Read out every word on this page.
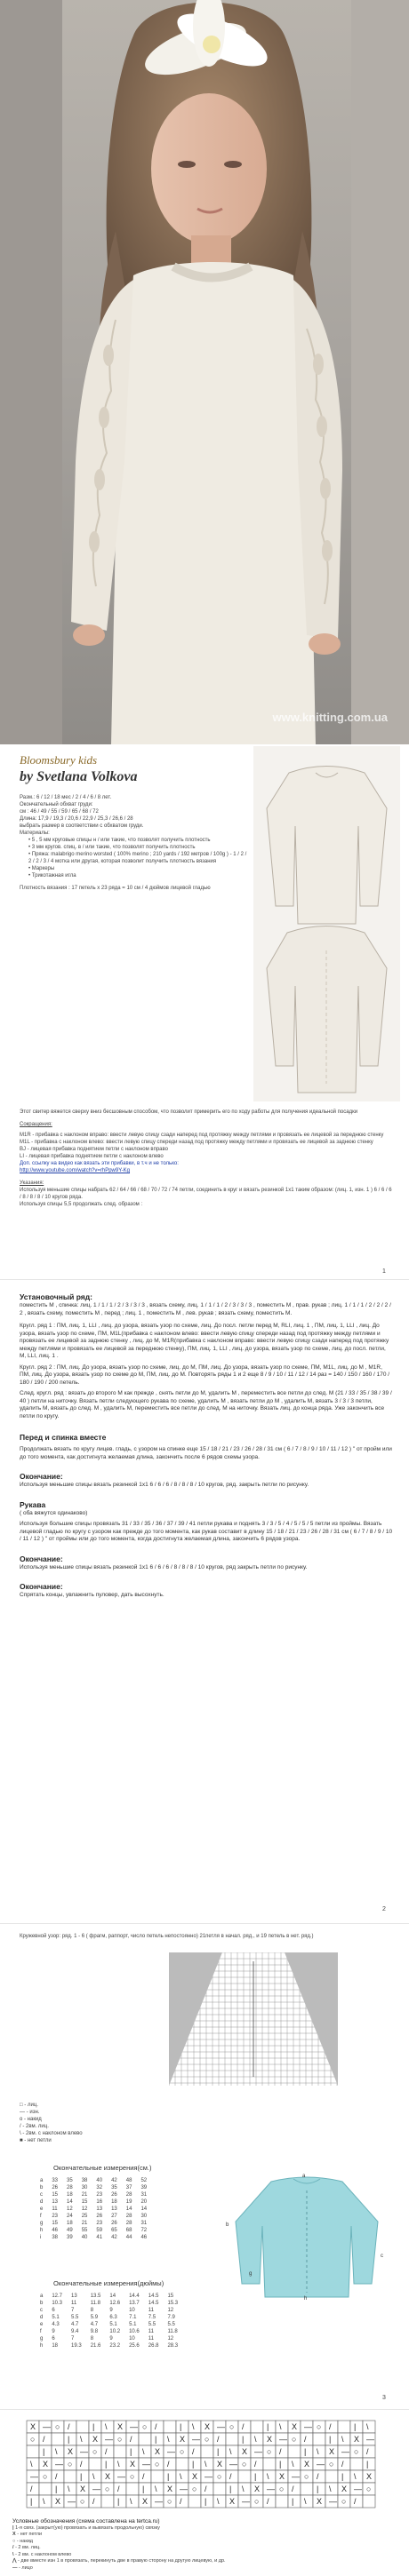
www.knitting.com.ua
Bloomsbury kids
by Svetlana Volkova
Разм.: 6 / 12 / 18 мес / 2 / 4 / 6 / 8 лет.
Окончательный обхват груди:
см : 46 / 49 / 55 / 59 / 65 / 68 / 72
Длина: 17,9 / 19,3 / 20,6 / 22,9 / 25,3 / 26,6 / 28
выбрать размер в соответствии с обхватом груди.
Материалы:
• 5 , 5 мм круговые спицы н / или такие, что позволят получить плотность
• 3 мм кругов. спиц. в / или такие, что позволят получить плотность
• Пряжа: malabrigo merino worsted ( 100% merino ; 210 yards / 192 метров / 100g ) - 1 / 2 / 2 / 2 / 3 / 4 мотка или другая, которая позволит получить плотность вязания
• Маркеры
• Трикотажная игла
Плотность вязания : 17 петель x 23 ряда = 10 см / 4 дюймов лицевой гладью
Этот свитер вяжется сверху вниз бесшовным способом, что позволит примерить его по ходу работы для получения идеальной посадки
Сокращения:
M1R - прибавка с наклоном вправо: ввести левую спицу сзади наперед под протяжку между петлями и провязать ее лицевой за переднюю стенку
M1L - прибавка с наклоном влево: ввести левую спицу спереди назад под протяжку между петлями и провязать ее лицевой за заднюю стенку
BJ - лицевая прибавка поднятием петли с наклоном вправо
LI - лицевая прибавка поднятием петли с наклоном влево
Доп. ссылку на видео как вязать эти прибавки, в т.ч и не только:
http://www.youtube.com/watch?v=rhPpw9Y-Kg
Указания:
Используя меньшие спицы набрать 62 / 64 / 66 / 68 / 70 / 72 / 74 петли, соединить в круг и вязать резинкой 1х1 таким образом: (лиц. 1, изн. 1 ) 6 / 6 / 6 / 8 / 8 / 8 / 10 кругов ряда.
Используя спицы 5,5 продолжать след. образом :
1
Установочный ряд:
поместить М , спинка: лиц. 1 / 1 / 1 / 2 / 3 / 3 / 3 , вязать схему, лиц. 1 / 1 / 1 / 2 / 3 / 3 / 3 , поместить М , прав. рукав ; лиц. 1 / 1 / 1 / 2 / 2 / 2 / 2 , вязать схему, поместить М , перед ; лиц. 1 , поместить М , лев. рукав ; вязать схему, поместить М.
Кругл. ряд 1 : ПМ, лиц. 1, LLI , лиц. до узора, вязать узор по схеме, лиц. До посл. петли перед М, RLI, лиц. 1 , ПМ, лиц. 1, LLI , лиц. До узора, вязать узор по схеме, ПМ, M1L(прибавка с наклоном влево: ввести левую спицу спереди назад под протяжку между петлями и провязать ее лицевой за заднюю стенку , лиц. до М, M1R(прибавка с наклоном вправо: ввести левую спицу сзади наперед под протяжку между петлями и провязать ее лицевой за переднюю стенку), ПМ, лиц. 1, LLI , лиц. до узора, вязать узор по схеме, лиц. до посл. петли, М, LLI, лиц. 1 .
Кругл. ряд 2 : ПМ, лиц. До узора, вязать узор по схеме, лиц. до М, ПМ, лиц. До узора, вязать узор по схеме, ПМ, M1L, лиц. до М , M1R, ПМ, лиц. До узора, вязать узор по схеме до М, ПМ, лиц. до М. Повторять ряды 1 и 2 еще 8 / 9 / 10 / 11 / 12 / 14 раз = 140 / 150 / 160 / 170 / 180 / 190 / 200 петель.
След. кругл. ряд : вязать до второго М как прежде , снять петли до М, удалить М , переместить все петли до след. М (21 / 33 / 35 / 38 / 39 / 40 ) петли на ниточку. Вязать петли следующего рукава по схеме, удалить М , вязать петли до М , удалить М, вязать 3 / 3 / 3 петли, удалить М, вязать до след. М , удалить М, переместить все петли до след. М на ниточку. Вязать лиц. до конца ряда. Уже закончить все петли по кругу.
Перед и спинка вместе
Продолжать вязать по кругу лицев. гладь, с узором на спинке еще 15 / 18 / 21 / 23 / 26 / 28 / 31 см ( 6 / 7 / 8 / 9 / 10 / 11 / 12 ) " от пройм или до того момента, как достигнута желаемая длина, закончить после 6 рядов схемы узора.
Окончание:
Используя меньшие спицы вязать резинкой 1x1 6 / 6 / 6 / 8 / 8 / 8 / 10 кругов, ряд. закрыть петли по рисунку.
Рукава
( оба вяжутся одинаково)
Используя большие спицы провязать 31 / 33 / 35 / 36 / 37 / 39 / 41 петли рукава и поднять 3 / 3 / 5 / 4 / 5 / 5 / 5 петли из проймы. Вязать лицевой гладью по кругу с узором как прежде до того момента, как рукав составит в длину 15 / 18 / 21 / 23 / 26 / 28 / 31 см ( 6 / 7 / 8 / 9 / 10 / 11 / 12 ) " от проймы или до того момента, когда достигнута желаемая длина, закончить 6 рядов узора.
Окончание:
Используя меньшие спицы вязать резинкой 1x1 6 / 6 / 6 / 8 / 8 / 8 / 10 кругов, ряд закрыть петли по рисунку.
Окончание:
Спрятать концы, увлажнить пуловер, дать высохнуть.
2
Кружевной узор: ряд. 1 - 6 ( фрагм, раппорт, число петель непостоянно) 21петля в начал. ряд., и 19 петель в нет. ряд.)
□ - лиц.
— - изн.
о - накид
/ - 2вм. лиц.
\ - 2вм. с наклоном влево
■ - нет петли
Окончательные измерения(см.)
a	33	35	38	40	42	48	52
b	26	28	30	32	35	37	39
c	15	18	21	23	26	28	31
d	13	14	15	16	18	19	20
e	11	12	12	13	13	14	14
f	23	24	25	26	27	28	30
g	15	18	21	23	26	28	31
h	46	49	55	59	65	68	72
i	38	39	40	41	42	44	46
a
b
c
h
g
Окончательные измерения(дюймы)
a	12.7	13	13.5	14	14.4	14.5	15
b	10.3	11	11.8	12.6	13.7	14.5	15.3
c	6	7	8	9	10	11	12
d	5.1	5.5	5.9	6.3	7.1	7.5	7.9
e	4.3	4.7	4.7	5.1	5.1	5.5	5.5
f	9	9.4	9.8	10.2	10.6	11	11.8
g	6	7	8	9	10	11	12
h	18	19.3	21.6	23.2	25.6	26.8	28.3
3
X — ○ /	| \ X — ○ /	| \ X — ○ /	| \ X — ○ /	| \
○ /	| \ X — ○ /	| \ X — ○ /	| \ X — ○ /	| \ X —
| \ X — ○ /	| \ X — ○ /	| \ X — ○ /	| \ X — ○ /
\ X — ○ /	| \ X — ○ /	| \ X — ○ /	| \ X — ○ /	|
— ○ /	| \ X — ○ /	| \ X — ○ /	| \ X — ○ /	| \ X
/	| \ X — ○ /	| \ X — ○ /	| \ X — ○ /	| \ X — ○
| \ X — ○ /	| \ X — ○ /	| \ X — ○ /	| \ X — ○ /
Условные обозначения (схема составлена на tertca.ru)
| 1-я связ. (закрыт(ую) провязать и вывязать продольную) связку
X - нет петли
○ - накид
/ - 2 вм. лиц.
\ - 2 вм. с наклоном влево
⋀ - две вместе изн 1 в провязать, перекинуть две в правую сторону на другую лицевую, и др.
— - лицо
